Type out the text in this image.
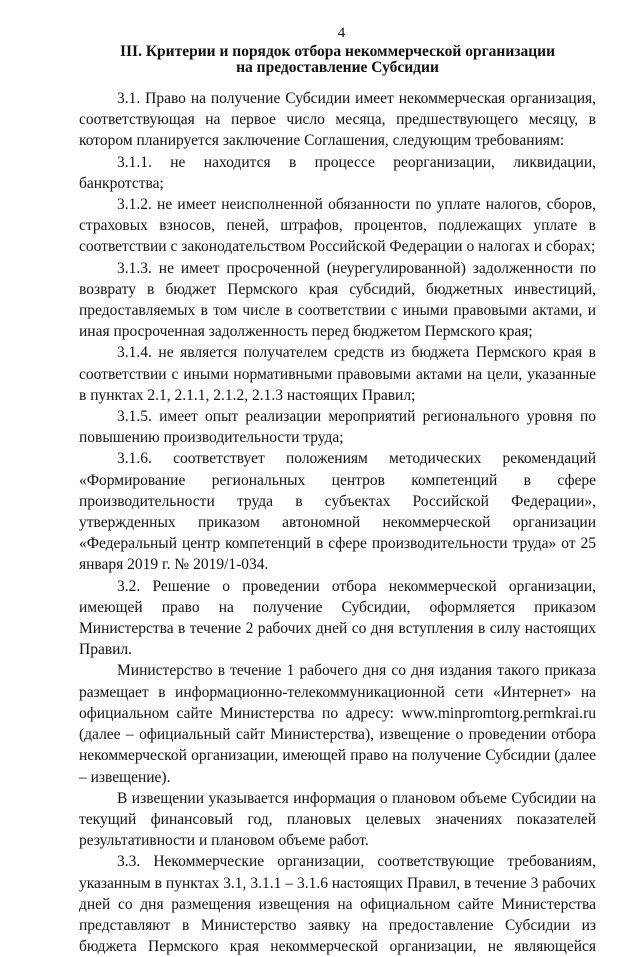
4
III. Критерии и порядок отбора некоммерческой организации
на предоставление Субсидии

3.1. Право на получение Субсидии имеет некоммерческая организация, соответствующая на первое число месяца, предшествующего месяцу, в котором планируется заключение Соглашения, следующим требованиям:

3.1.1. не находится в процессе реорганизации, ликвидации, банкротства;

3.1.2. не имеет неисполненной обязанности по уплате налогов, сборов, страховых взносов, пеней, штрафов, процентов, подлежащих уплате в соответствии с законодательством Российской Федерации о налогах и сборах;

3.1.3. не имеет просроченной (неурегулированной) задолженности по возврату в бюджет Пермского края субсидий, бюджетных инвестиций, предоставляемых в том числе в соответствии с иными правовыми актами, и иная просроченная задолженность перед бюджетом Пермского края;

3.1.4. не является получателем средств из бюджета Пермского края в соответствии с иными нормативными правовыми актами на цели, указанные в пунктах 2.1, 2.1.1, 2.1.2, 2.1.3 настоящих Правил;

3.1.5. имеет опыт реализации мероприятий регионального уровня по повышению производительности труда;

3.1.6. соответствует положениям методических рекомендаций «Формирование региональных центров компетенций в сфере производительности труда в субъектах Российской Федерации», утвержденных приказом автономной некоммерческой организации «Федеральный центр компетенций в сфере производительности труда» от 25 января 2019 г. № 2019/1-034.

3.2. Решение о проведении отбора некоммерческой организации, имеющей право на получение Субсидии, оформляется приказом Министерства в течение 2 рабочих дней со дня вступления в силу настоящих Правил.

Министерство в течение 1 рабочего дня со дня издания такого приказа размещает в информационно-телекоммуникационной сети «Интернет» на официальном сайте Министерства по адресу: www.minpromtorg.permkrai.ru (далее – официальный сайт Министерства), извещение о проведении отбора некоммерческой организации, имеющей право на получение Субсидии (далее – извещение).

В извещении указывается информация о плановом объеме Субсидии на текущий финансовый год, плановых целевых значениях показателей результативности и плановом объеме работ.

3.3. Некоммерческие организации, соответствующие требованиям, указанным в пунктах 3.1, 3.1.1 – 3.1.6 настоящих Правил, в течение 3 рабочих дней со дня размещения извещения на официальном сайте Министерства представляют в Министерство заявку на предоставление Субсидии из бюджета Пермского края некоммерческой организации, не являющейся
